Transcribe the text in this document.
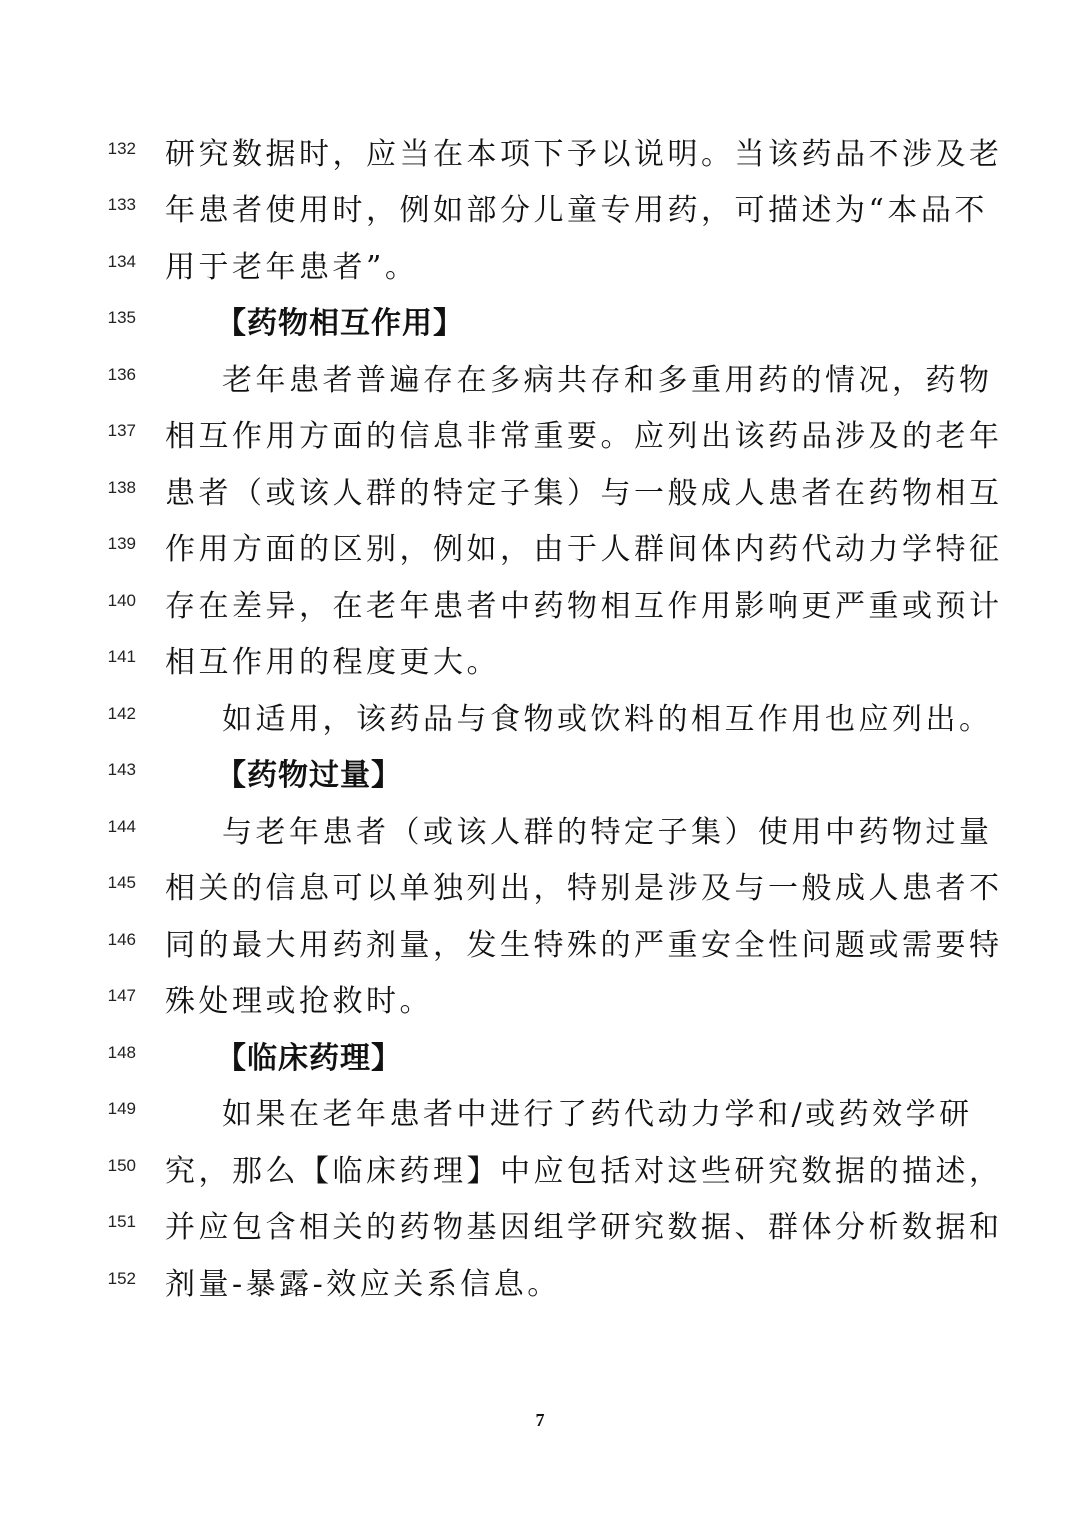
132 研究数据时，应当在本项下予以说明。当该药品不涉及老
133 年患者使用时，例如部分儿童专用药，可描述为“本品不
134 用于老年患者”。
135	【药物相互作用】
136	老年患者普遍存在多病共存和多重用药的情况，药物
137 相互作用方面的信息非常重要。应列出该药品涉及的老年
138 患者（或该人群的特定子集）与一般成人患者在药物相互
139 作用方面的区别，例如，由于人群间体内药代动力学特征
140 存在差异，在老年患者中药物相互作用影响更严重或预计
141 相互作用的程度更大。
142	如适用，该药品与食物或饮料的相互作用也应列出。
143	【药物过量】
144	与老年患者（或该人群的特定子集）使用中药物过量
145 相关的信息可以单独列出，特别是涉及与一般成人患者不
146 同的最大用药剂量，发生特殊的严重安全性问题或需要特
147 殊处理或抢救时。
148	【临床药理】
149	如果在老年患者中进行了药代动力学和/或药效学研
150 究，那么【临床药理】中应包括对这些研究数据的描述，
151 并应包含相关的药物基因组学研究数据、群体分析数据和
152 剂量-暴露-效应关系信息。
7
